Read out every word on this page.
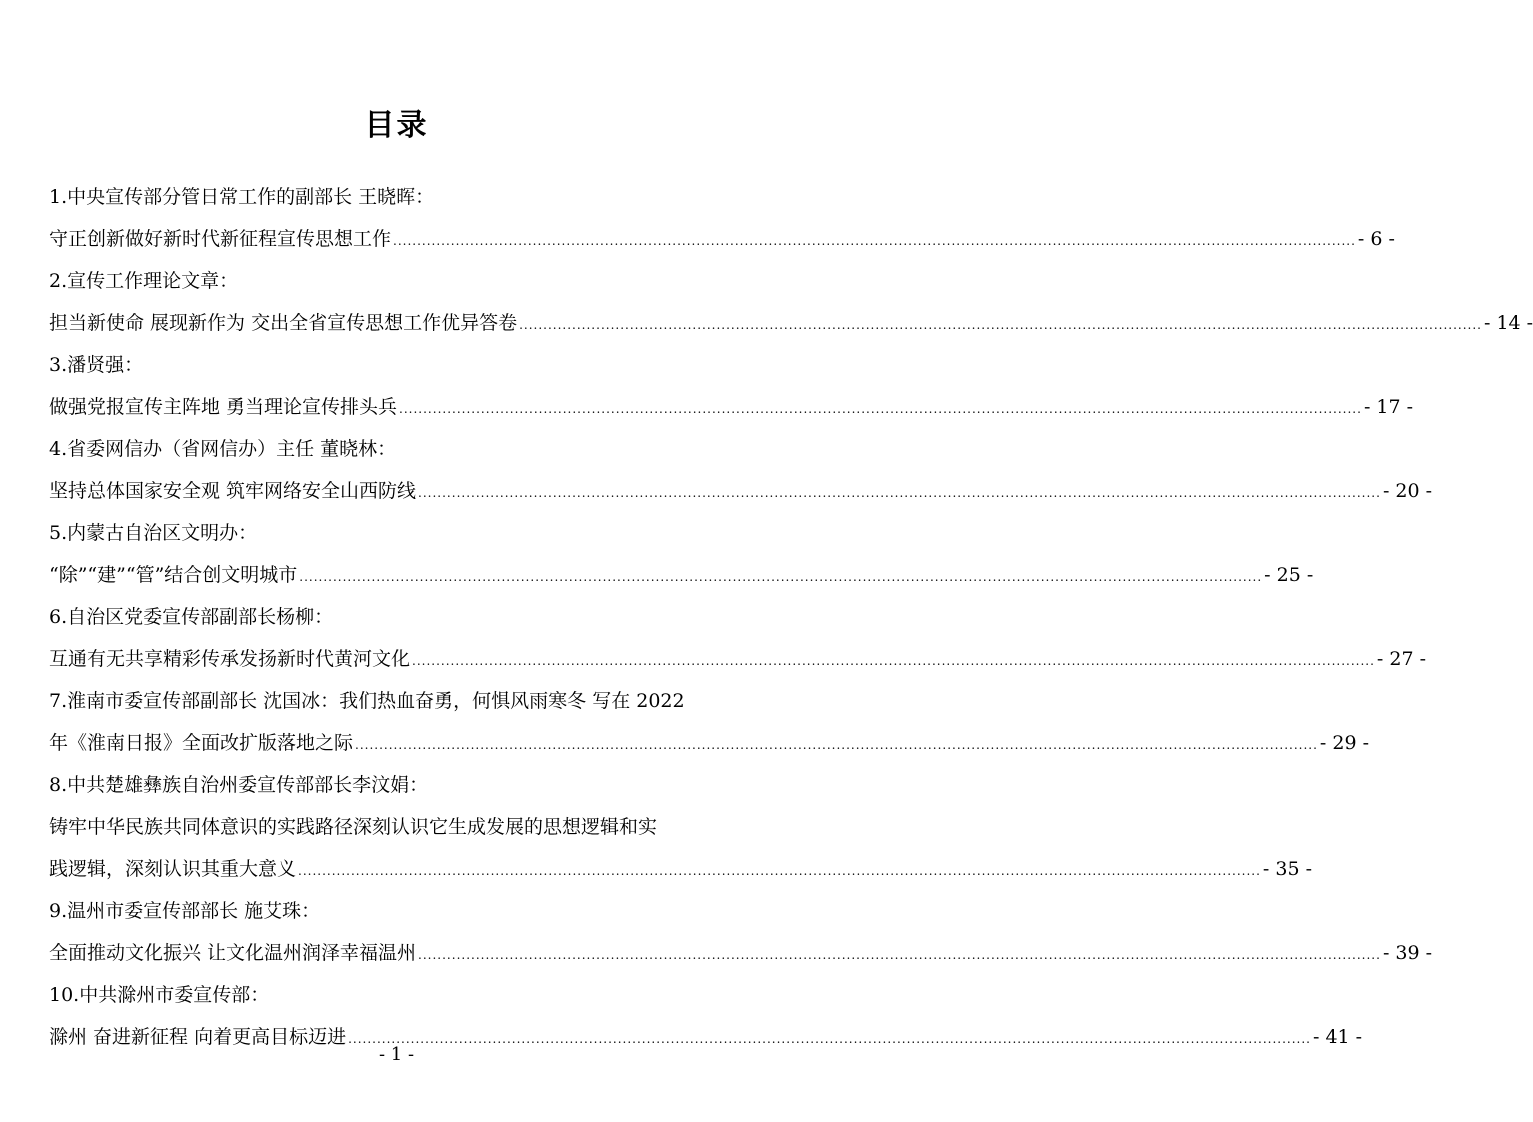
目录
1.中央宣传部分管日常工作的副部长 王晓晖：
守正创新做好新时代新征程宣传思想工作 ........................................................................................................................................................................................................ - 6 -
2.宣传工作理论文章：
担当新使命 展现新作为 交出全省宣传思想工作优异答卷 ........................................................................................................................................................................................................ - 14 -
3.潘贤强：
做强党报宣传主阵地 勇当理论宣传排头兵 ........................................................................................................................................................................................................ - 17 -
4.省委网信办（省网信办）主任 董晓林：
坚持总体国家安全观 筑牢网络安全山西防线 ........................................................................................................................................................................................................ - 20 -
5.内蒙古自治区文明办：
“除”“建”“管”结合创文明城市 ........................................................................................................................................................................................................ - 25 -
6.自治区党委宣传部副部长杨柳：
互通有无共享精彩传承发扬新时代黄河文化 ........................................................................................................................................................................................................ - 27 -
7.淮南市委宣传部副部长 沈国冰：我们热血奋勇，何惧风雨寒冬 写在 2022
年《淮南日报》全面改扩版落地之际 ........................................................................................................................................................................................................ - 29 -
8.中共楚雄彝族自治州委宣传部部长李汶娟：
铸牢中华民族共同体意识的实践路径深刻认识它生成发展的思想逻辑和实
践逻辑，深刻认识其重大意义 ........................................................................................................................................................................................................ - 35 -
9.温州市委宣传部部长 施艾珠：
全面推动文化振兴 让文化温州润泽幸福温州 ........................................................................................................................................................................................................ - 39 -
10.中共滁州市委宣传部：
滁州 奋进新征程 向着更高目标迈进 ........................................................................................................................................................................................................ - 41 -
- 1 -
